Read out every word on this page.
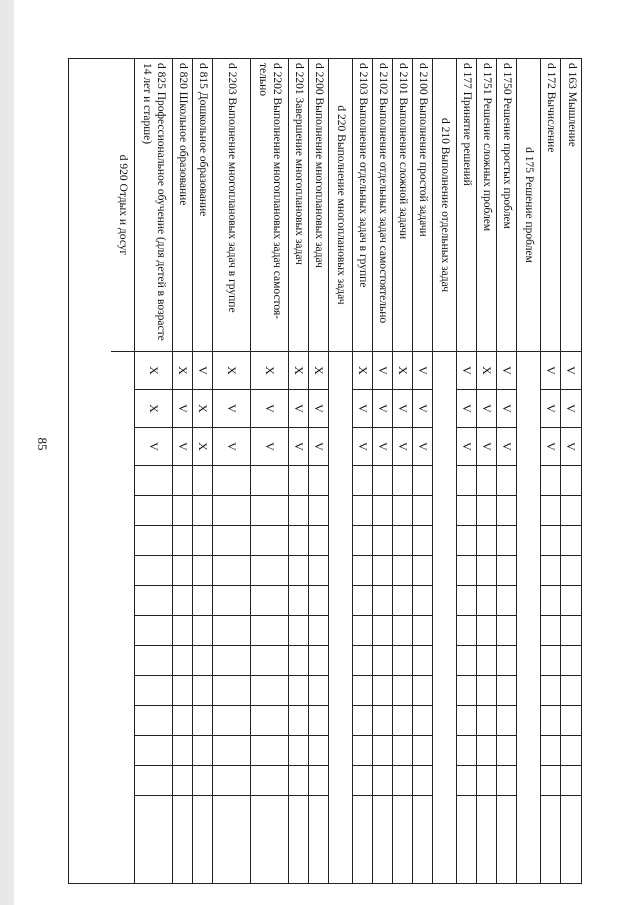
85
d 163 Мышление
V
V
V
d 172 Вычисление
V
V
V
d 175 Решение проблем
d 1750 Решение простых проблем
V
V
V
d 1751 Решение сложных проблем
X
V
V
d 177 Принятие решений
V
V
V
d 210 Выполнение отдельных задач
d 2100 Выполнение простой задачи
V
V
V
d 2101 Выполнение сложной задачи
X
V
V
d 2102 Выполнение отдельных задач самостоятельно
V
V
V
d 2103 Выполнение отдельных задач в группе
X
V
V
d 220 Выполнение многоплановых задач
d 2200 Выполнение многоплановых задач
X
V
V
d 2201 Завершение многоплановых задач
X
V
V
d 2202 Выполнение многоплановых задач самостоя-тельно
X
V
V
d 2203 Выполнение многоплановых задач в группе
X
V
V
d 815 Дошкольное образование
V
X
X
d 820 Школьное образование
X
V
V
d 825 Профессиональное обучение (для детей в возрасте 14 лет и старше)
X
X
V
d 920 Отдых и досуг
